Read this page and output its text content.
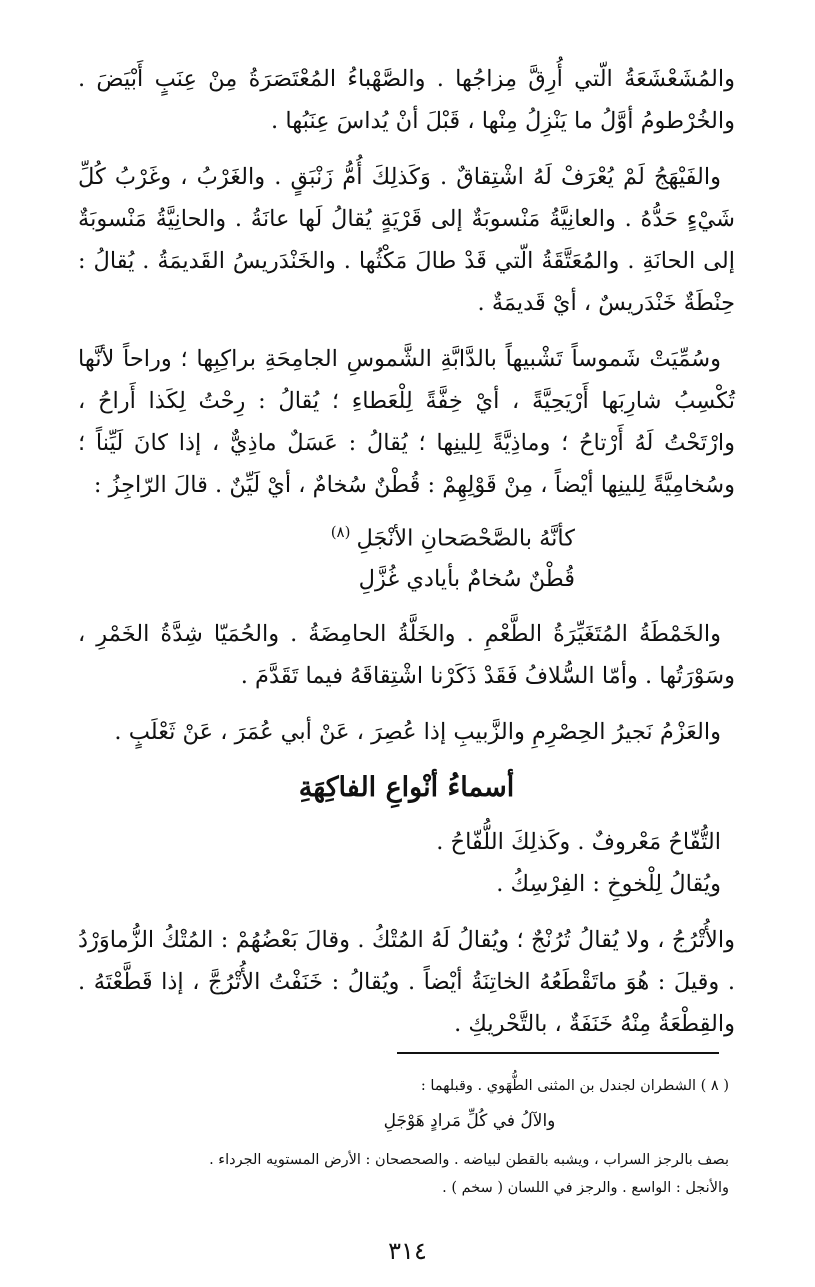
والمُشَعْشَعَةُ الّتي أُرِقَّ مِزاجُها . والصَّهْباءُ المُعْتَصَرَةُ مِنْ عِنَبٍ أَبْيَضَ . والخُرْطومُ أوَّلُ ما يَنْزِلُ مِنْها ، قَبْلَ أنْ يُداسَ عِنَبُها .

والفَيْهَجُ لَمْ يُعْرَفْ لَهُ اشْتِقاقٌ . وَكَذلِكَ أُمُّ زَنْبَقٍ . والغَرْبُ ، وغَرْبُ كُلِّ شَيْءٍ حَدُّهُ . والعانِيَّةُ مَنْسوبَةٌ إلى قَرْيَةٍ يُقالُ لَها عانَةُ . والحانِيَّةُ مَنْسوبَةٌ إلى الحانَةِ . والمُعَتَّقَةُ الّتي قَدْ طالَ مَكْثُها . والخَنْدَريسُ القَديمَةُ . يُقالُ : حِنْطَةٌ خَنْدَريسٌ ، أيْ قَديمَةٌ .

وسُمِّيَتْ شَموساً تَشْبيهاً بالدَّابَّةِ الشَّموسِ الجامِحَةِ براكِبِها ؛ وراحاً لأنَّها تُكْسِبُ شارِبَها أَرْيَحِيَّةً ، أيْ خِفَّةً لِلْعَطاءِ ؛ يُقالُ : رِحْتُ لِكَذا أَراحُ ، وارْتَحْتُ لَهُ أَرْتاحُ ؛ وماذِيَّةً لِلينِها ؛ يُقالُ : عَسَلٌ ماذِيٌّ ، إذا كانَ لَيِّناً ؛ وسُخامِيَّةً لِلينِها أيْضاً ، مِنْ قَوْلِهِمْ : قُطْنٌ سُخامٌ ، أيْ لَيِّنٌ . قالَ الرّاجِزُ :

كأنَّهُ بالصَّحْصَحانِ الأنْجَلِ$^{(٨)}$
قُطْنٌ سُخامٌ بأيادي غُزَّلِ

والخَمْطَةُ المُتَغَيِّرَةُ الطَّعْمِ . والخَلَّةُ الحامِضَةُ . والحُمَيّا شِدَّةُ الخَمْرِ ، وسَوْرَتُها . وأمّا السُّلافُ فَقَدْ ذَكَرْنا اشْتِقاقَهُ فيما تَقَدَّمَ .

والعَزْمُ نَجيرُ الحِصْرِمِ والزَّبيبِ إذا عُصِرَ ، عَنْ أبي عُمَرَ ، عَنْ ثَعْلَبٍ .

أسماءُ أنْواعِ الفاكِهَةِ

التُّفّاحُ مَعْروفٌ . وكَذلِكَ اللُّفّاحُ .

ويُقالُ لِلْخوخِ : الفِرْسِكُ .

والأُتْرُجُ ، ولا يُقالُ تُرُنْجٌ ؛ ويُقالُ لَهُ المُتْكُ . وقالَ بَعْضُهُمْ : المُتْكُ الزُّماوَرْدُ . وقيلَ : هُوَ ماتَقْطَعُهُ الخاتِنَةُ أيْضاً . ويُقالُ : خَنَفْتُ الأُتْرُجَّ ، إذا قَطَّعْتَهُ . والقِطْعَةُ مِنْهُ خَنَفَةٌ ، بالتَّحْريكِ .

( ٨ ) الشطران لجندل بن المثنى الطُّهَوي . وقبلهما :
والآلُ في كُلِّ مَرادٍ هَوْجَلِ
بصف بالرجز السراب ، ويشبه بالقطن لبياضه . والصحصحان : الأرض المستويه الجرداء .
والأنجل : الواسع . والرجز في اللسان ( سخم ) .
٣١٤
